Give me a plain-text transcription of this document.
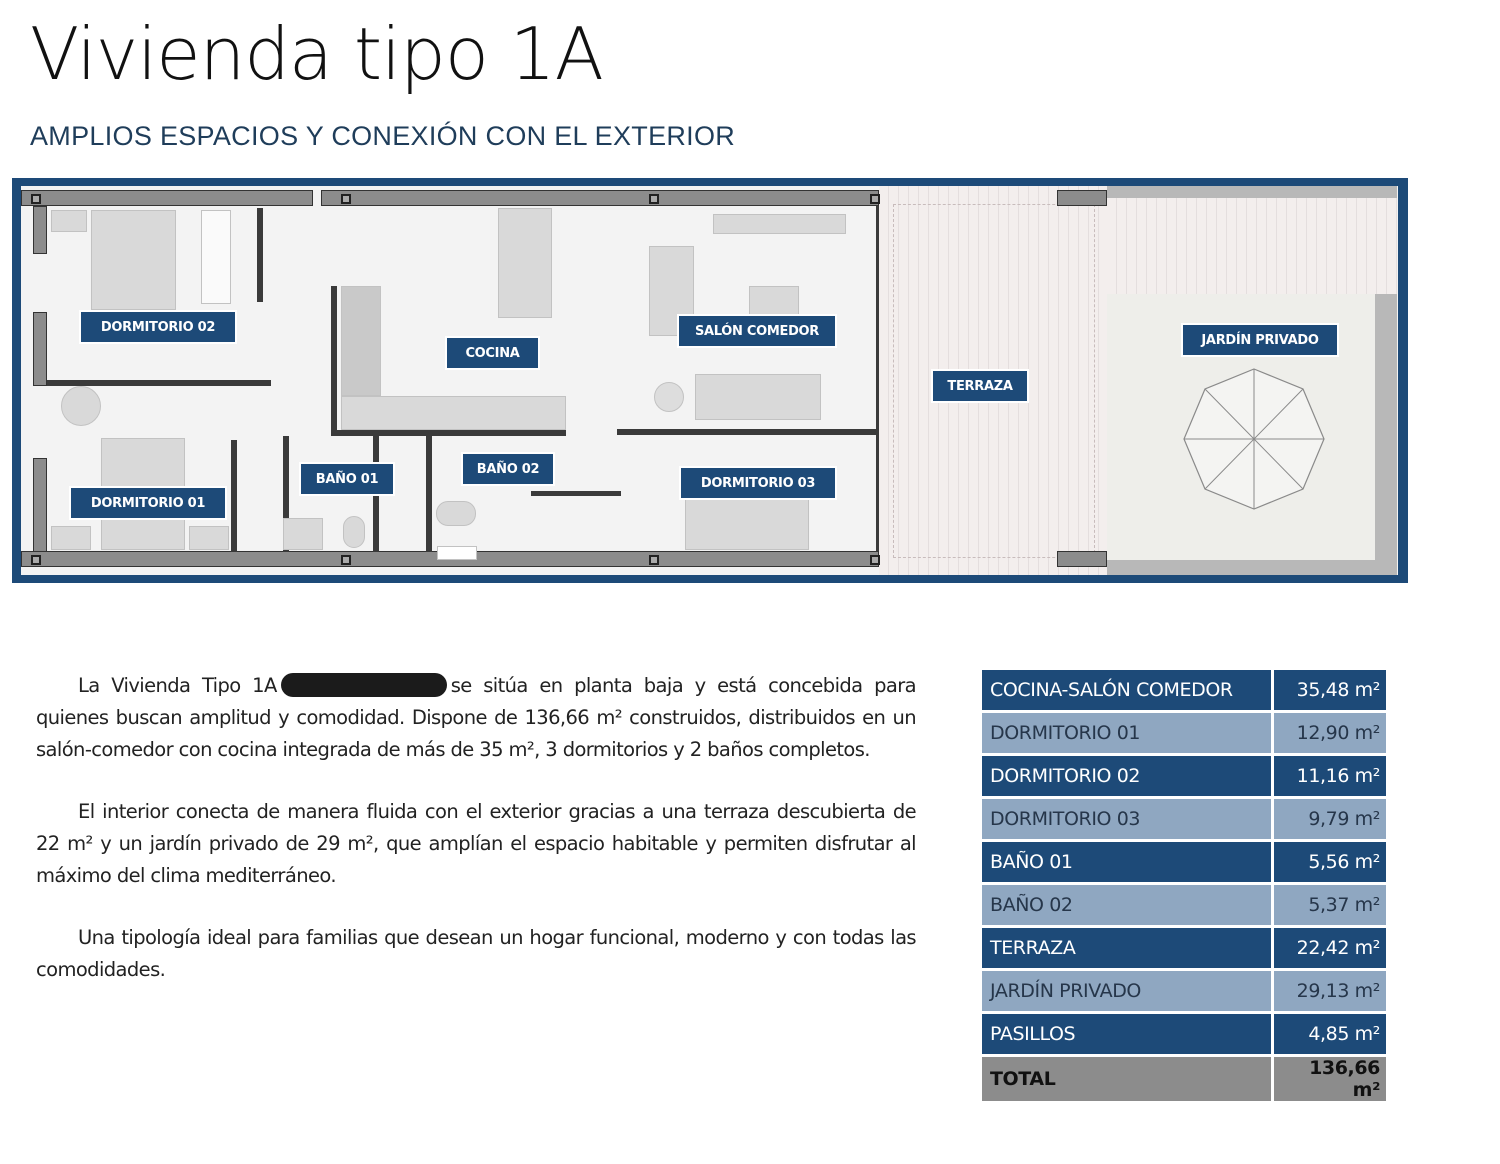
Vivienda tipo 1A
AMPLIOS ESPACIOS Y CONEXIÓN CON EL EXTERIOR
DORMITORIO 02
DORMITORIO 01
COCINA
SALÓN COMEDOR
BAÑO 01
BAÑO 02
DORMITORIO 03
TERRAZA
JARDÍN PRIVADO

La Vivienda Tipo 1A	se sitúa en planta baja y está concebida para quienes buscan amplitud y comodidad. Dispone de 136,66 m² construidos, distribuidos en un salón-comedor con cocina integrada de más de 35 m², 3 dormitorios y 2 baños completos.

El interior conecta de manera fluida con el exterior gracias a una terraza descubierta de 22 m² y un jardín privado de 29 m², que amplían el espacio habitable y permiten disfrutar al máximo del clima mediterráneo.

Una tipología ideal para familias que desean un hogar funcional, moderno y con todas las comodidades.

COCINA-SALÓN COMEDOR	35,48 m²
DORMITORIO 01	12,90 m²
DORMITORIO 02	11,16 m²
DORMITORIO 03	9,79 m²
BAÑO 01	5,56 m²
BAÑO 02	5,37 m²
TERRAZA	22,42 m²
JARDÍN PRIVADO	29,13 m²
PASILLOS	4,85 m²
TOTAL	136,66 m²
